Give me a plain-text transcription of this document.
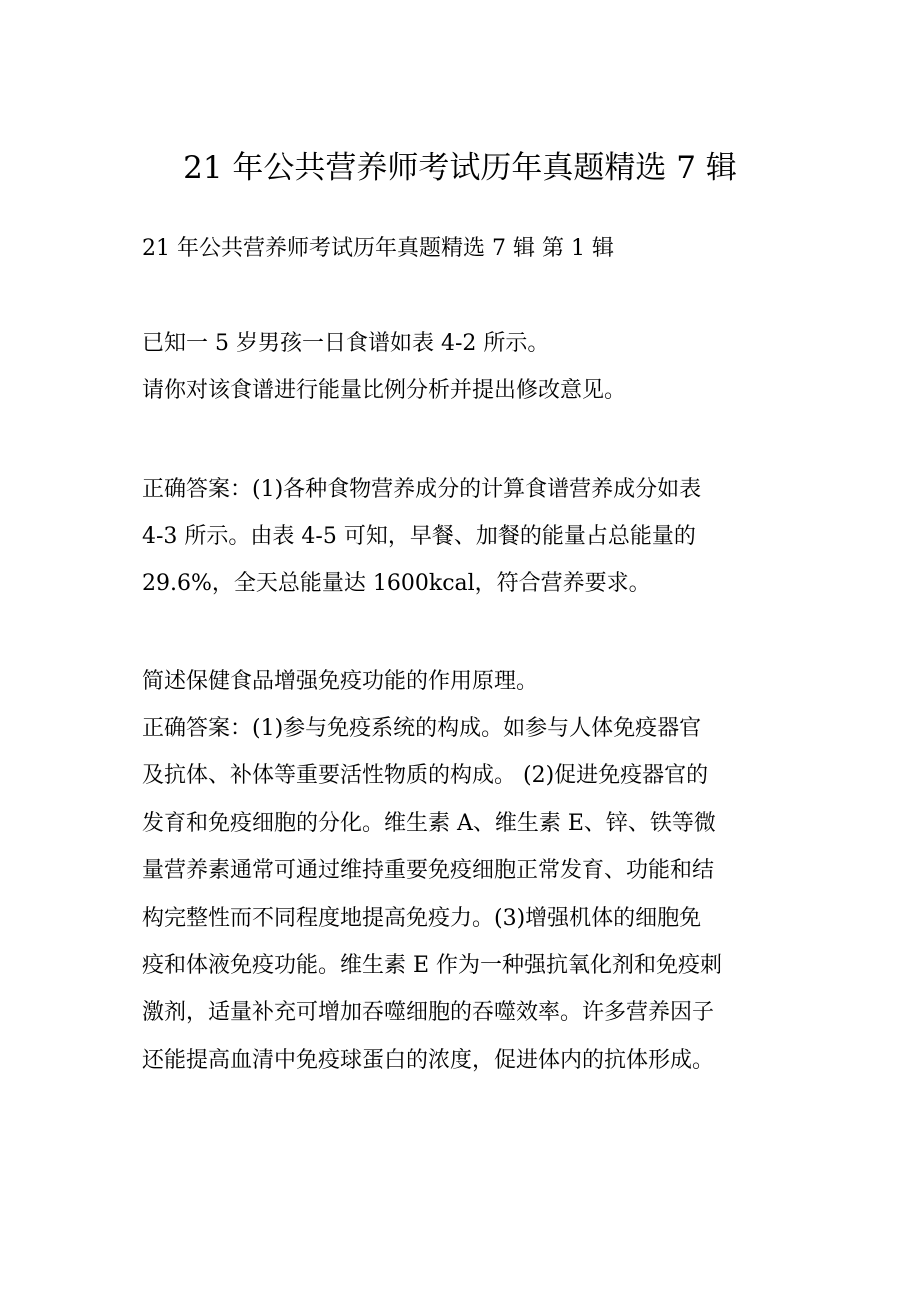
21 年公共营养师考试历年真题精选 7 辑
21 年公共营养师考试历年真题精选 7 辑 第 1 辑
已知一 5 岁男孩一日食谱如表 4-2 所示。
请你对该食谱进行能量比例分析并提出修改意见。
正确答案：(1)各种食物营养成分的计算食谱营养成分如表
4-3 所示。由表 4-5 可知，早餐、加餐的能量占总能量的
29.6%，全天总能量达 1600kcal，符合营养要求。
简述保健食品增强免疫功能的作用原理。
正确答案：(1)参与免疫系统的构成。如参与人体免疫器官
及抗体、补体等重要活性物质的构成。 (2)促进免疫器官的
发育和免疫细胞的分化。维生素 A、维生素 E、锌、铁等微
量营养素通常可通过维持重要免疫细胞正常发育、功能和结
构完整性而不同程度地提高免疫力。(3)增强机体的细胞免
疫和体液免疫功能。维生素 E 作为一种强抗氧化剂和免疫刺
激剂，适量补充可增加吞噬细胞的吞噬效率。许多营养因子
还能提高血清中免疫球蛋白的浓度，促进体内的抗体形成。
